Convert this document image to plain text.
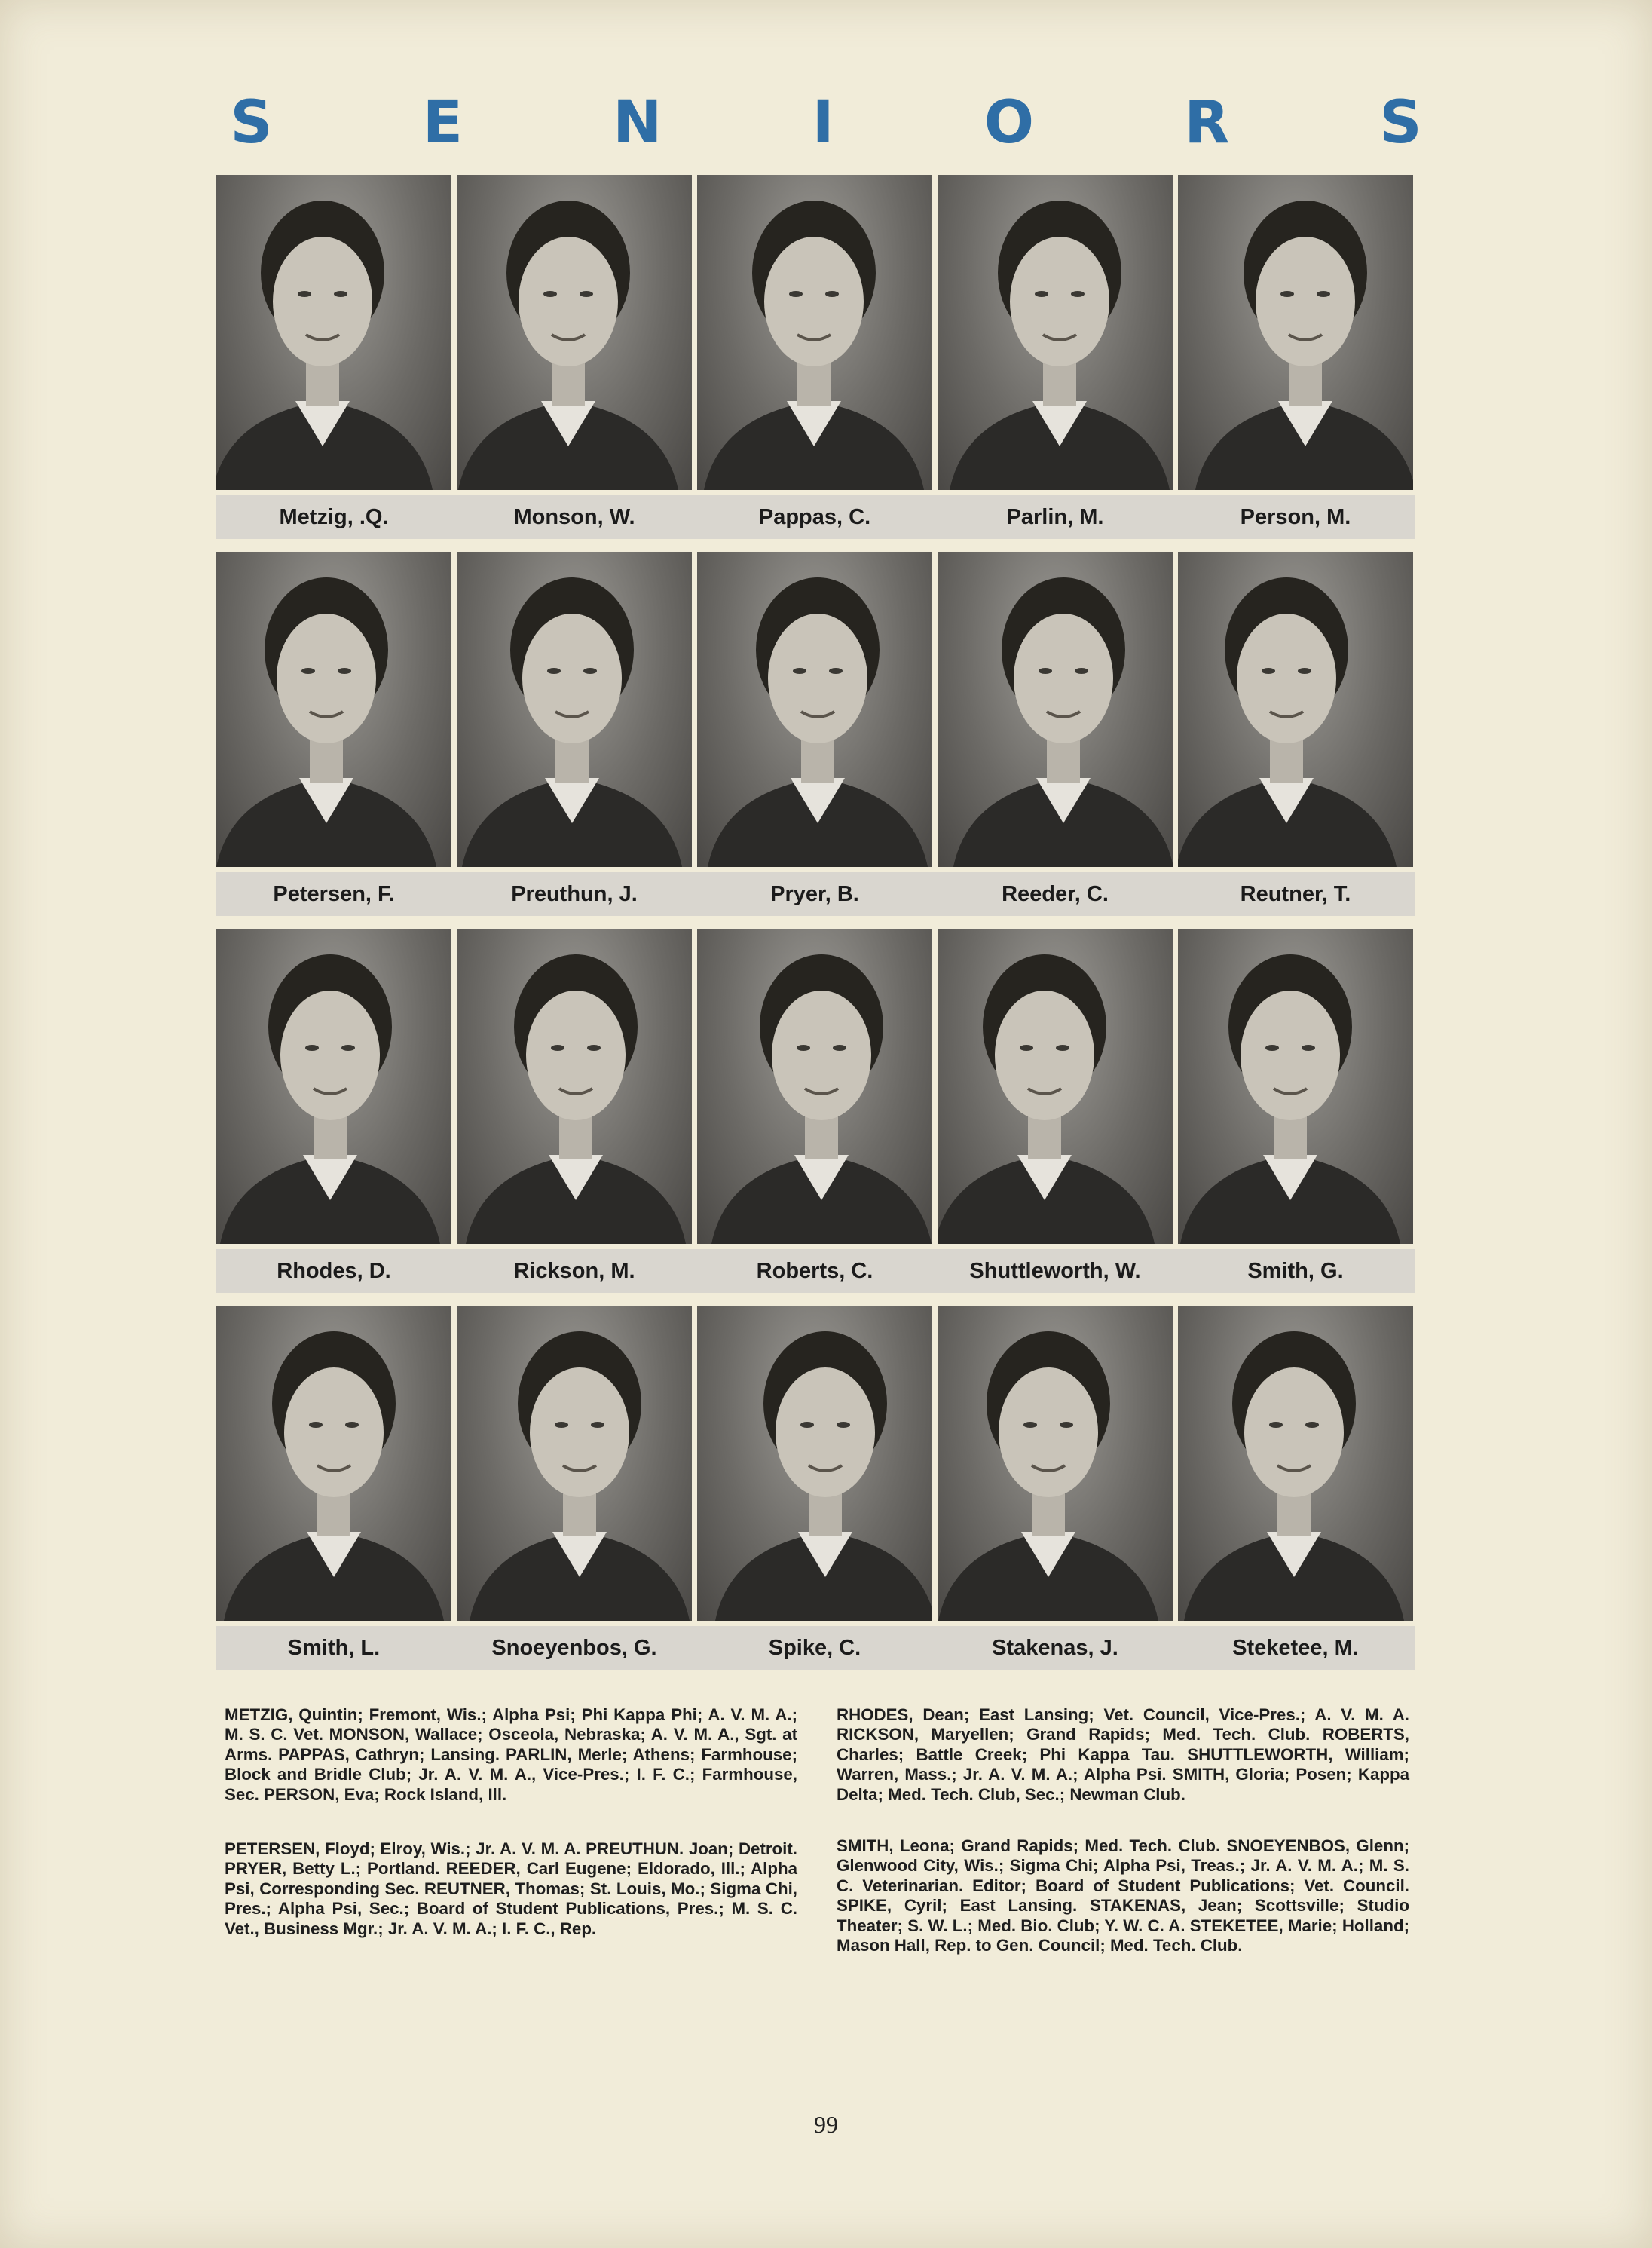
S E N I O R S
Metzig, .Q.	Monson, W.	Pappas, C.	Parlin, M.	Person, M.
Petersen, F.	Preuthun, J.	Pryer, B.	Reeder, C.	Reutner, T.
Rhodes, D.	Rickson, M.	Roberts, C.	Shuttleworth, W.	Smith, G.
Smith, L.	Snoeyenbos, G.	Spike, C.	Stakenas, J.	Steketee, M.
METZIG, Quintin; Fremont, Wis.; Alpha Psi; Phi Kappa Phi; A. V. M. A.; M. S. C. Vet. MONSON, Wallace; Osceola, Nebraska; A. V. M. A., Sgt. at Arms. PAPPAS, Cathryn; Lansing. PARLIN, Merle; Athens; Farmhouse; Block and Bridle Club; Jr. A. V. M. A., Vice-Pres.; I. F. C.; Farmhouse, Sec. PERSON, Eva; Rock Island, Ill.
PETERSEN, Floyd; Elroy, Wis.; Jr. A. V. M. A. PREUTHUN. Joan; Detroit. PRYER, Betty L.; Portland. REEDER, Carl Eugene; Eldorado, Ill.; Alpha Psi, Corresponding Sec. REUTNER, Thomas; St. Louis, Mo.; Sigma Chi, Pres.; Alpha Psi, Sec.; Board of Student Publications, Pres.; M. S. C. Vet., Business Mgr.; Jr. A. V. M. A.; I. F. C., Rep.
RHODES, Dean; East Lansing; Vet. Council, Vice-Pres.; A. V. M. A. RICKSON, Maryellen; Grand Rapids; Med. Tech. Club. ROBERTS, Charles; Battle Creek; Phi Kappa Tau. SHUTTLEWORTH, William; Warren, Mass.; Jr. A. V. M. A.; Alpha Psi. SMITH, Gloria; Posen; Kappa Delta; Med. Tech. Club, Sec.; Newman Club.
SMITH, Leona; Grand Rapids; Med. Tech. Club. SNOEYENBOS, Glenn; Glenwood City, Wis.; Sigma Chi; Alpha Psi, Treas.; Jr. A. V. M. A.; M. S. C. Veterinarian. Editor; Board of Student Publications; Vet. Council. SPIKE, Cyril; East Lansing. STAKENAS, Jean; Scottsville; Studio Theater; S. W. L.; Med. Bio. Club; Y. W. C. A. STEKETEE, Marie; Holland; Mason Hall, Rep. to Gen. Council; Med. Tech. Club.
99
